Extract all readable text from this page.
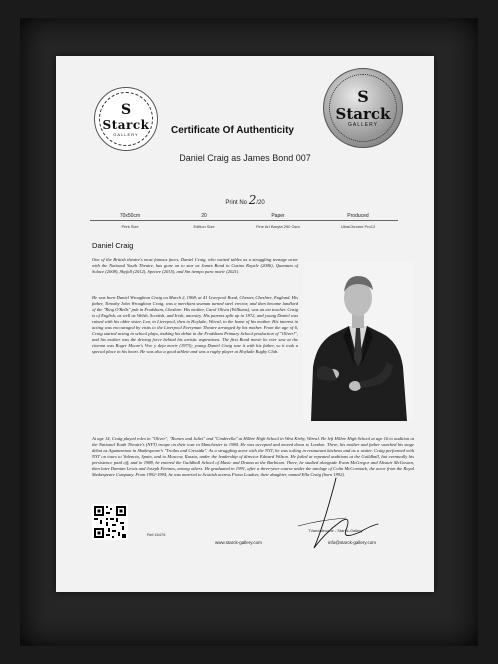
S
Starck
GALLERY
S
Starck
GALLERY
Certificate Of Authenticity
Daniel Craig as James Bond 007
Print No 2/20
70x50cm
Print Size
20
Edition Size
Paper
Fine Art Baryta 290 Gsm
Produced
UltraChrome Pro12
Daniel Craig
One of the British theatre's most famous faces, Daniel Craig, who waited tables as a struggling teenage actor with the National Youth Theatre, has gone on to star as James Bond in Casino Royale (2006), Quantum of Solace (2008), Skyfall (2012), Spectre (2015), and Sin tiempo para morir (2021).
He was born Daniel Wroughton Craig on March 2, 1968, at 41 Liverpool Road, Chester, Cheshire, England. His father, Timothy John Wroughton Craig, was a merchant seaman turned steel erector, and then became landlord of the "Ring O'Bells" pub in Frodsham, Cheshire. His mother, Carol Olivia (Williams), was an art teacher. Craig is of English, as well as Welsh, Scottish, and Irish, ancestry. His parents split up in 1972, and young Daniel was raised with his older sister, Lea, in Liverpool, then in Hoylake, Wirral, in the home of his mother. His interest in acting was encouraged by visits to the Liverpool Everyman Theatre arranged by his mother. From the age of 6, Craig started acting in school plays, making his debut in the Frodsham Primary School production of "Oliver!", and his mother was the driving force behind his artistic aspirations. The first Bond movie he ever saw at the cinema was Roger Moore's Vive y deja morir (1973); young Daniel Craig saw it with his father, so it took a special place in his heart. He was also a good athlete and was a rugby player at Hoylake Rugby Club.
At age 14, Craig played roles in "Oliver", "Romeo and Juliet" and "Cinderella" at Hilbre High School in West Kirby, Wirral. He left Hilbre High School at age 16 to audition at the National Youth Theatre's (NYT) troupe on their tour in Manchester in 1984. He was accepted and moved down to London. There, his mother and father watched his stage debut as Agamemnon in Shakespeare's "Troilus and Cressida". As a struggling actor with the NYT, he was toiling in restaurant kitchens and as a waiter. Craig performed with NYT on tours to Valencia, Spain, and to Moscow, Russia, under the leadership of director Edward Wilson. He failed at repeated auditions at the Guildhall, but eventually his persistence paid off, and in 1988, he entered the Guildhall School of Music and Drama at the Barbican. There, he studied alongside Ewan McGregor and Alistair McGowan, then later Damian Lewis and Joseph Fiennes, among others. He graduated in 1991, after a three-year course under the tutelage of Colin McCormack, the actor from the Royal Shakespeare Company. From 1992-1994, he was married to Scottish actress Fiona Loudon; their daughter, named Ella Craig (born 1992).
Ref:16476
www.starck-gallery.com
TVandaleoone - Starck-Gallery
info@starck-gallery.com
